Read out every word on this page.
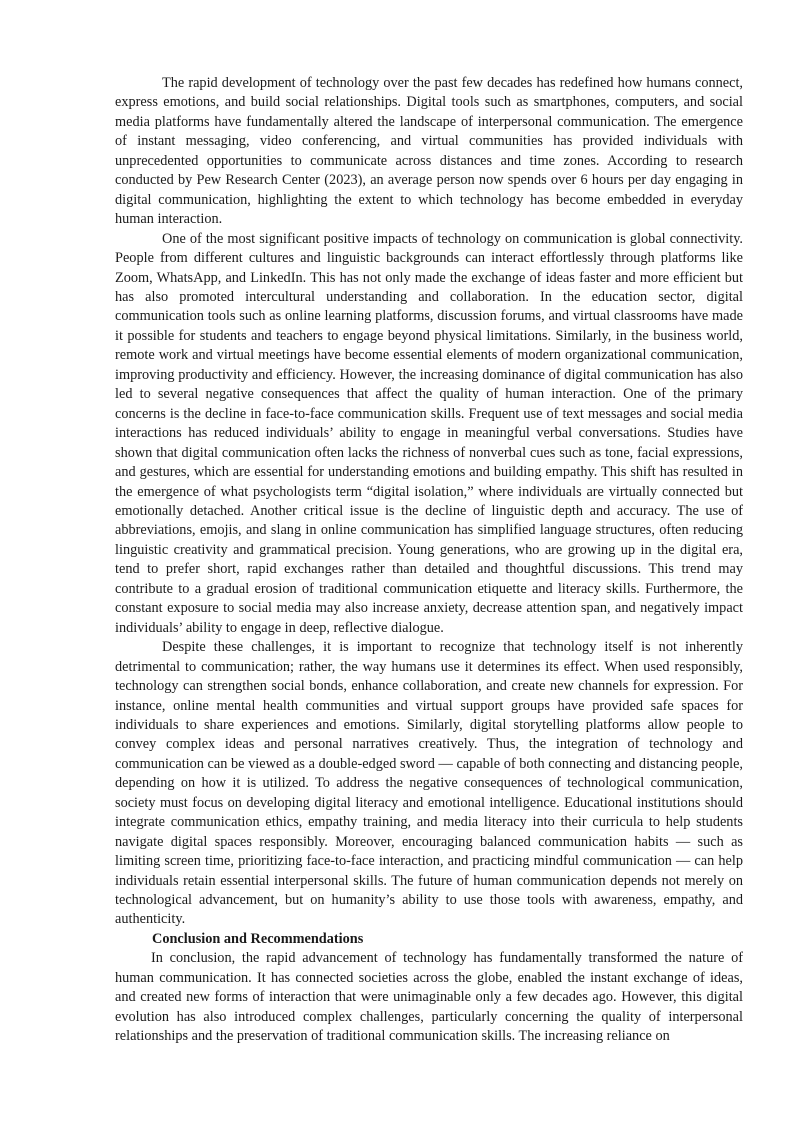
The rapid development of technology over the past few decades has redefined how humans connect, express emotions, and build social relationships. Digital tools such as smartphones, computers, and social media platforms have fundamentally altered the landscape of interpersonal communication. The emergence of instant messaging, video conferencing, and virtual communities has provided individuals with unprecedented opportunities to communicate across distances and time zones. According to research conducted by Pew Research Center (2023), an average person now spends over 6 hours per day engaging in digital communication, highlighting the extent to which technology has become embedded in everyday human interaction.

One of the most significant positive impacts of technology on communication is global connectivity. People from different cultures and linguistic backgrounds can interact effortlessly through platforms like Zoom, WhatsApp, and LinkedIn. This has not only made the exchange of ideas faster and more efficient but has also promoted intercultural understanding and collaboration. In the education sector, digital communication tools such as online learning platforms, discussion forums, and virtual classrooms have made it possible for students and teachers to engage beyond physical limitations. Similarly, in the business world, remote work and virtual meetings have become essential elements of modern organizational communication, improving productivity and efficiency. However, the increasing dominance of digital communication has also led to several negative consequences that affect the quality of human interaction. One of the primary concerns is the decline in face-to-face communication skills. Frequent use of text messages and social media interactions has reduced individuals’ ability to engage in meaningful verbal conversations. Studies have shown that digital communication often lacks the richness of nonverbal cues such as tone, facial expressions, and gestures, which are essential for understanding emotions and building empathy. This shift has resulted in the emergence of what psychologists term “digital isolation,” where individuals are virtually connected but emotionally detached. Another critical issue is the decline of linguistic depth and accuracy. The use of abbreviations, emojis, and slang in online communication has simplified language structures, often reducing linguistic creativity and grammatical precision. Young generations, who are growing up in the digital era, tend to prefer short, rapid exchanges rather than detailed and thoughtful discussions. This trend may contribute to a gradual erosion of traditional communication etiquette and literacy skills. Furthermore, the constant exposure to social media may also increase anxiety, decrease attention span, and negatively impact individuals’ ability to engage in deep, reflective dialogue.

Despite these challenges, it is important to recognize that technology itself is not inherently detrimental to communication; rather, the way humans use it determines its effect. When used responsibly, technology can strengthen social bonds, enhance collaboration, and create new channels for expression. For instance, online mental health communities and virtual support groups have provided safe spaces for individuals to share experiences and emotions. Similarly, digital storytelling platforms allow people to convey complex ideas and personal narratives creatively. Thus, the integration of technology and communication can be viewed as a double-edged sword — capable of both connecting and distancing people, depending on how it is utilized. To address the negative consequences of technological communication, society must focus on developing digital literacy and emotional intelligence. Educational institutions should integrate communication ethics, empathy training, and media literacy into their curricula to help students navigate digital spaces responsibly. Moreover, encouraging balanced communication habits — such as limiting screen time, prioritizing face-to-face interaction, and practicing mindful communication — can help individuals retain essential interpersonal skills. The future of human communication depends not merely on technological advancement, but on humanity’s ability to use those tools with awareness, empathy, and authenticity.

Conclusion and Recommendations

In conclusion, the rapid advancement of technology has fundamentally transformed the nature of human communication. It has connected societies across the globe, enabled the instant exchange of ideas, and created new forms of interaction that were unimaginable only a few decades ago. However, this digital evolution has also introduced complex challenges, particularly concerning the quality of interpersonal relationships and the preservation of traditional communication skills. The increasing reliance on
